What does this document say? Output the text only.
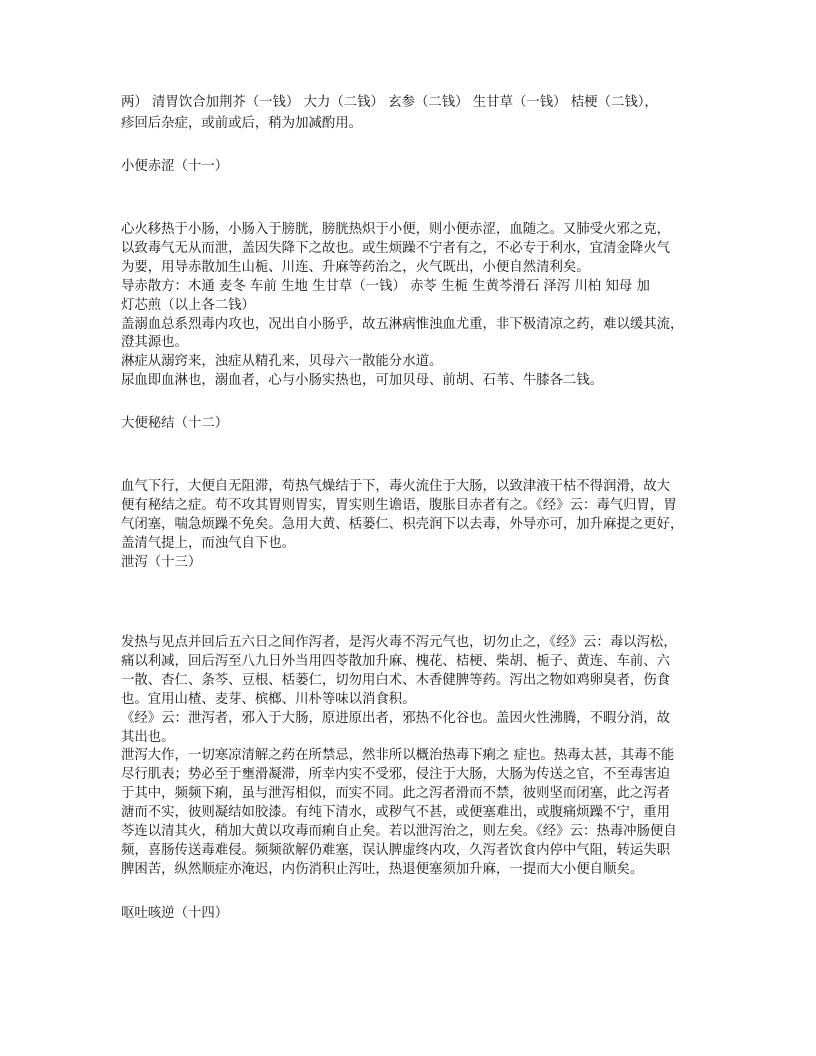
两） 清胃饮合加荆芥（一钱） 大力（二钱） 玄参（二钱） 生甘草（一钱） 桔梗（二钱），
疹回后杂症，或前或后，稍为加减酌用。
小便赤涩（十一）
心火移热于小肠，小肠入于膀胱，膀胱热炽于小便，则小便赤涩，血随之。又肺受火邪之克，
以致毒气无从而泄，盖因失降下之故也。或生烦躁不宁者有之，不必专于利水，宜清金降火气
为要，用导赤散加生山栀、川连、升麻等药治之，火气既出，小便自然清利矣。
导赤散方：木通 麦冬 车前 生地 生甘草（一钱） 赤苓 生栀 生黄芩滑石 泽泻 川柏 知母 加
灯芯煎（以上各二钱）
盖溺血总系烈毒内攻也，况出自小肠乎，故五淋病惟浊血尤重，非下极清凉之药，难以缓其流，
澄其源也。
淋症从溺窍来，浊症从精孔来，贝母六一散能分水道。
尿血即血淋也，溺血者，心与小肠实热也，可加贝母、前胡、石苇、牛膝各二钱。
大便秘结（十二）
血气下行，大便自无阻滞，苟热气燥结于下，毒火流住于大肠，以致津液干枯不得润滑，故大
便有秘结之症。苟不攻其胃则胃实，胃实则生谵语，腹胀目赤者有之。《经》云：毒气归胃，胃
气闭塞，喘急烦躁不免矣。急用大黄、栝蒌仁、枳壳润下以去毒，外导亦可，加升麻提之更好，
盖清气提上，而浊气自下也。
泄泻（十三）
发热与见点并回后五六日之间作泻者，是泻火毒不泻元气也，切勿止之，《经》云：毒以泻松，
痛以利减，回后泻至八九日外当用四苓散加升麻、槐花、桔梗、柴胡、栀子、黄连、车前、六
一散、杏仁、条芩、豆根、栝蒌仁，切勿用白术、木香健脾等药。泻出之物如鸡卵臭者，伤食
也。宜用山楂、麦芽、槟榔、川朴等味以消食积。
《经》云：泄泻者，邪入于大肠，原进原出者，邪热不化谷也。盖因火性沸腾，不暇分消，故
其出也。
泄泻大作，一切寒凉清解之药在所禁忌，然非所以概治热毒下痢之 症也。热毒太甚，其毒不能
尽行肌表；势必至于壅滑凝滞，所幸内实不受邪，侵注于大肠，大肠为传送之官，不至毒害迫
于其中，频频下痢，虽与泄泻相似，而实不同。此之泻者滑而不禁，彼则坚而闭塞，此之泻者
溏而不实，彼则凝结如胶漆。有纯下清水，或秽气不甚，或便塞难出，或腹痛烦躁不宁，重用
芩连以清其火，稍加大黄以攻毒而痢自止矣。若以泄泻治之，则左矣。《经》云：热毒冲肠便自
频，喜肠传送毒难侵。频频欲解仍难塞，误认脾虚终内攻，久泻者饮食内停中气阻，转运失职
脾困苦，纵然顺症亦淹迟，内伤消积止泻吐，热退便塞须加升麻，一提而大小便自顺矣。
呕吐咳逆（十四）
